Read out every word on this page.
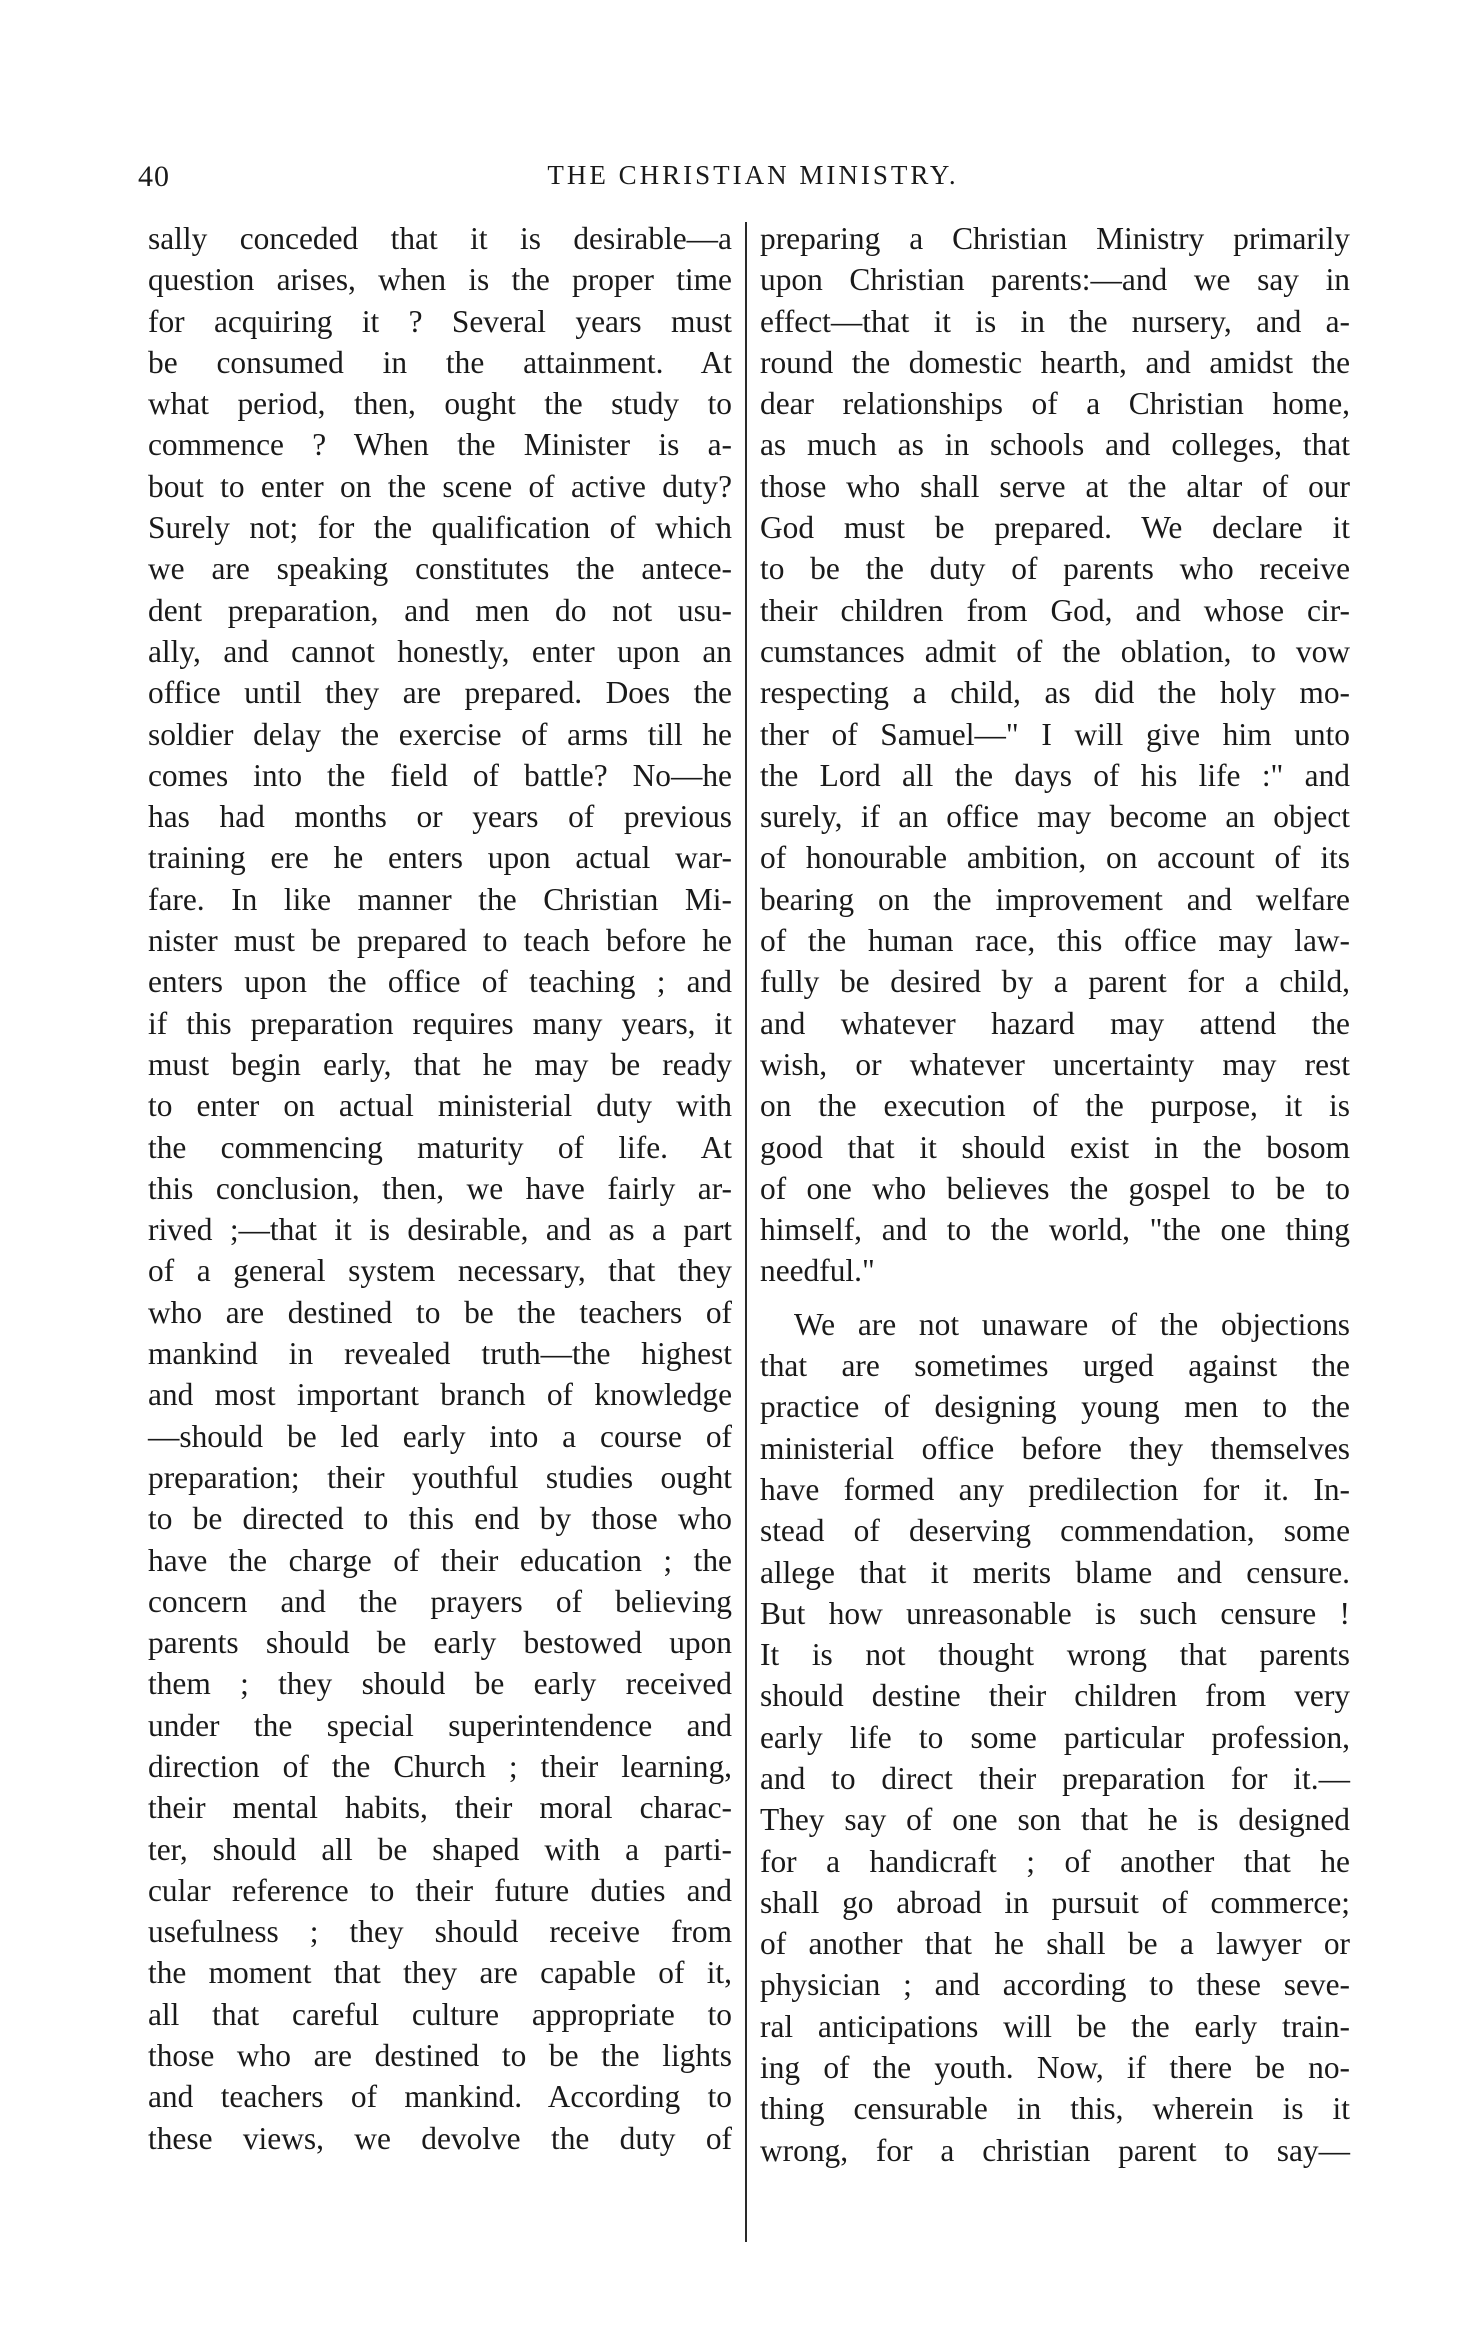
40	THE CHRISTIAN MINISTRY.
sally conceded that it is desirable—a
question arises, when is the proper time
for acquiring it ? Several years must
be consumed in the attainment. At
what period, then, ought the study to
commence ? When the Minister is a-
bout to enter on the scene of active duty?
Surely not; for the qualification of which
we are speaking constitutes the antece-
dent preparation, and men do not usu-
ally, and cannot honestly, enter upon an
office until they are prepared. Does the
soldier delay the exercise of arms till he
comes into the field of battle? No—he
has had months or years of previous
training ere he enters upon actual war-
fare. In like manner the Christian Mi-
nister must be prepared to teach before he
enters upon the office of teaching ; and
if this preparation requires many years, it
must begin early, that he may be ready
to enter on actual ministerial duty with
the commencing maturity of life. At
this conclusion, then, we have fairly ar-
rived ;—that it is desirable, and as a part
of a general system necessary, that they
who are destined to be the teachers of
mankind in revealed truth—the highest
and most important branch of knowledge
—should be led early into a course of
preparation; their youthful studies ought
to be directed to this end by those who
have the charge of their education ; the
concern and the prayers of believing
parents should be early bestowed upon
them ; they should be early received
under the special superintendence and
direction of the Church ; their learning,
their mental habits, their moral charac-
ter, should all be shaped with a parti-
cular reference to their future duties and
usefulness ; they should receive from
the moment that they are capable of it,
all that careful culture appropriate to
those who are destined to be the lights
and teachers of mankind. According to
these views, we devolve the duty of
preparing a Christian Ministry primarily
upon Christian parents:—and we say in
effect—that it is in the nursery, and a-
round the domestic hearth, and amidst the
dear relationships of a Christian home,
as much as in schools and colleges, that
those who shall serve at the altar of our
God must be prepared. We declare it
to be the duty of parents who receive
their children from God, and whose cir-
cumstances admit of the oblation, to vow
respecting a child, as did the holy mo-
ther of Samuel—" I will give him unto
the Lord all the days of his life :" and
surely, if an office may become an object
of honourable ambition, on account of its
bearing on the improvement and welfare
of the human race, this office may law-
fully be desired by a parent for a child,
and whatever hazard may attend the
wish, or whatever uncertainty may rest
on the execution of the purpose, it is
good that it should exist in the bosom
of one who believes the gospel to be to
himself, and to the world, "the one thing
needful."
We are not unaware of the objections
that are sometimes urged against the
practice of designing young men to the
ministerial office before they themselves
have formed any predilection for it. In-
stead of deserving commendation, some
allege that it merits blame and censure.
But how unreasonable is such censure !
It is not thought wrong that parents
should destine their children from very
early life to some particular profession,
and to direct their preparation for it.—
They say of one son that he is designed
for a handicraft ; of another that he
shall go abroad in pursuit of commerce;
of another that he shall be a lawyer or
physician ; and according to these seve-
ral anticipations will be the early train-
ing of the youth. Now, if there be no-
thing censurable in this, wherein is it
wrong, for a christian parent to say—
